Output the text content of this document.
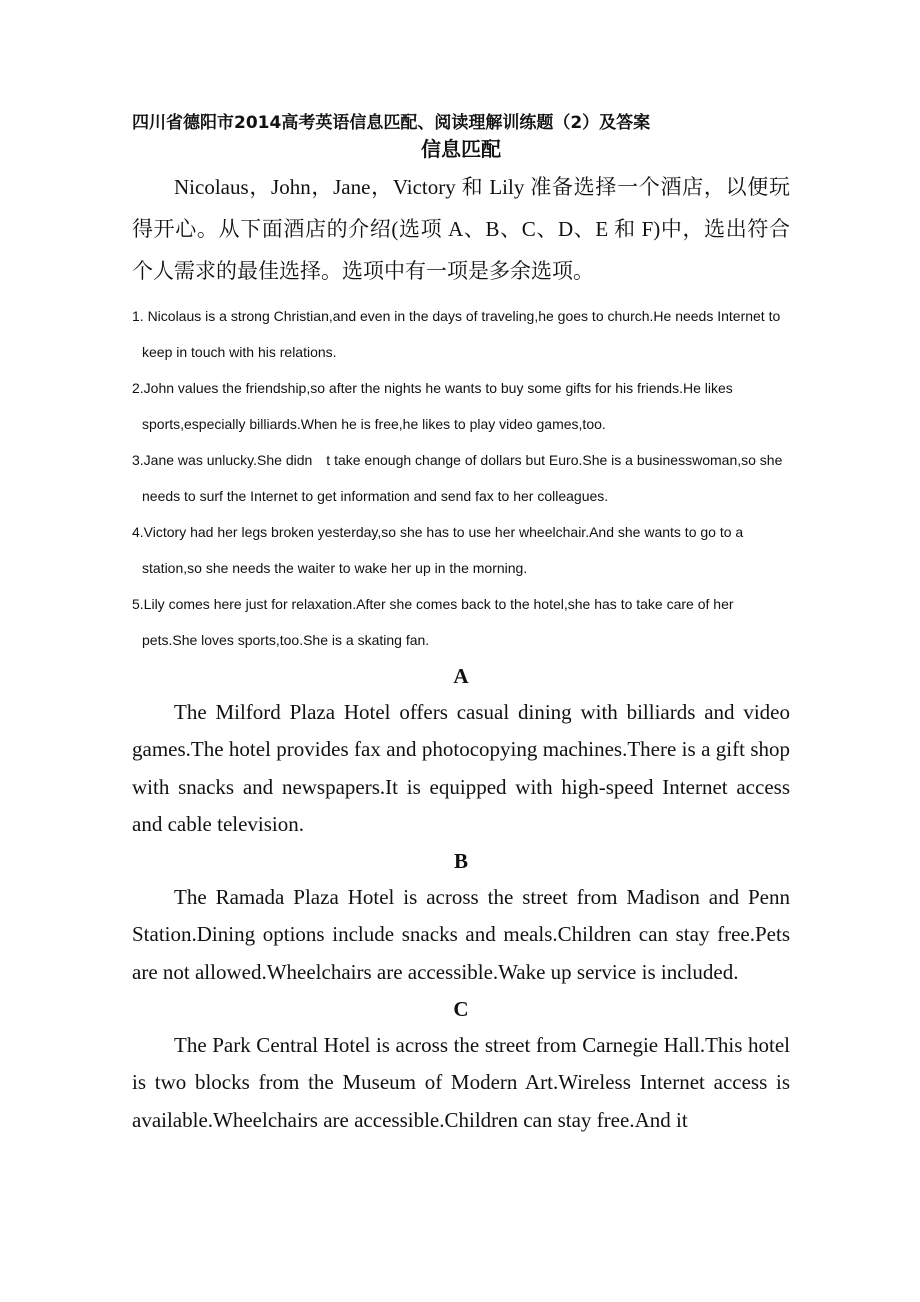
四川省德阳市2014高考英语信息匹配、阅读理解训练题（2）及答案
信息匹配

Nicolaus，John，Jane，Victory 和 Lily 准备选择一个酒店，以便玩得开心。从下面酒店的介绍(选项 A、B、C、D、E 和 F)中，选出符合个人需求的最佳选择。选项中有一项是多余选项。

1. Nicolaus is a strong Christian,and even in the days of traveling,he goes to church.He needs Internet to keep in touch with his relations.
2.John values the friendship,so after the nights he wants to buy some gifts for his friends.He likes sports,especially billiards.When he is free,he likes to play video games,too.
3.Jane was unlucky.She didn　t take enough change of dollars but Euro.She is a businesswoman,so she needs to surf the Internet to get information and send fax to her colleagues.
4.Victory had her legs broken yesterday,so she has to use her wheelchair.And she wants to go to a station,so she needs the waiter to wake her up in the morning.
5.Lily comes here just for relaxation.After she comes back to the hotel,she has to take care of her pets.She loves sports,too.She is a skating fan.

A

The Milford Plaza Hotel offers casual dining with billiards and video games.The hotel provides fax and photocopying machines.There is a gift shop with snacks and newspapers.It is equipped with high-speed Internet access and cable television.

B

The Ramada Plaza Hotel is across the street from Madison and Penn Station.Dining options include snacks and meals.Children can stay free.Pets are not allowed.Wheelchairs are accessible.Wake up service is included.

C

The Park Central Hotel is across the street from Carnegie Hall.This hotel is two blocks from the Museum of Modern Art.Wireless Internet access is available.Wheelchairs are accessible.Children can stay free.And it
